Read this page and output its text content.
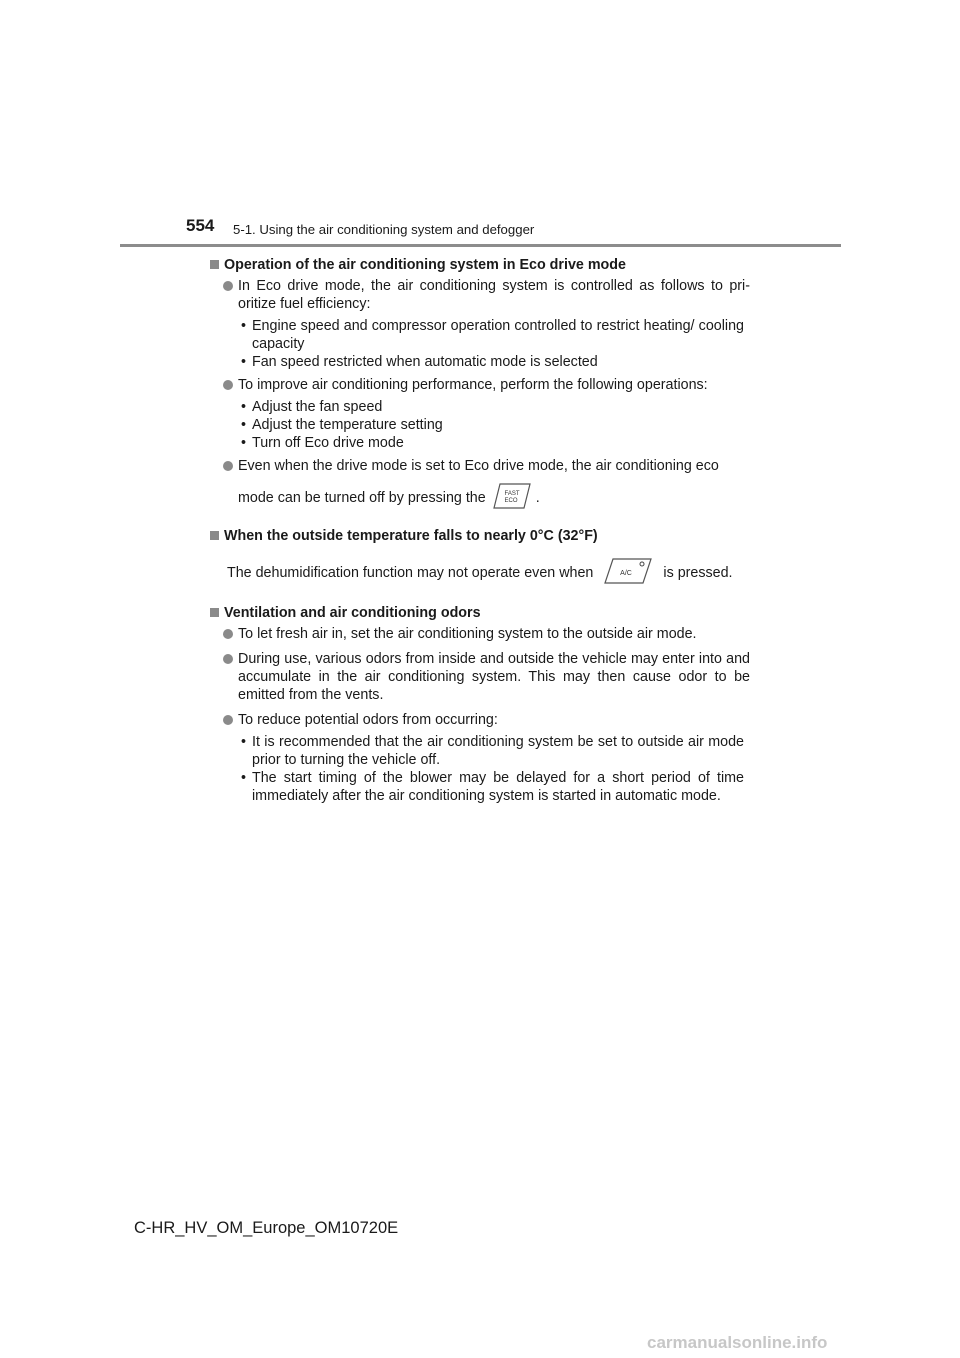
554 5-1. Using the air conditioning system and defogger
Operation of the air conditioning system in Eco drive mode
In Eco drive mode, the air conditioning system is controlled as follows to pri-oritize fuel efficiency:
• Engine speed and compressor operation controlled to restrict heating/ cooling capacity
• Fan speed restricted when automatic mode is selected
To improve air conditioning performance, perform the following operations:
• Adjust the fan speed
• Adjust the temperature setting
• Turn off Eco drive mode
Even when the drive mode is set to Eco drive mode, the air conditioning eco
mode can be turned off by pressing the	FAST
ECO .
When the outside temperature falls to nearly 0°C (32°F)
The dehumidification function may not operate even when	A/C is pressed.
Ventilation and air conditioning odors
To let fresh air in, set the air conditioning system to the outside air mode.
During use, various odors from inside and outside the vehicle may enter into and accumulate in the air conditioning system. This may then cause odor to be emitted from the vents.
To reduce potential odors from occurring:
• It is recommended that the air conditioning system be set to outside air mode prior to turning the vehicle off.
• The start timing of the blower may be delayed for a short period of time immediately after the air conditioning system is started in automatic mode.
C-HR_HV_OM_Europe_OM10720E
carmanualsonline.info
